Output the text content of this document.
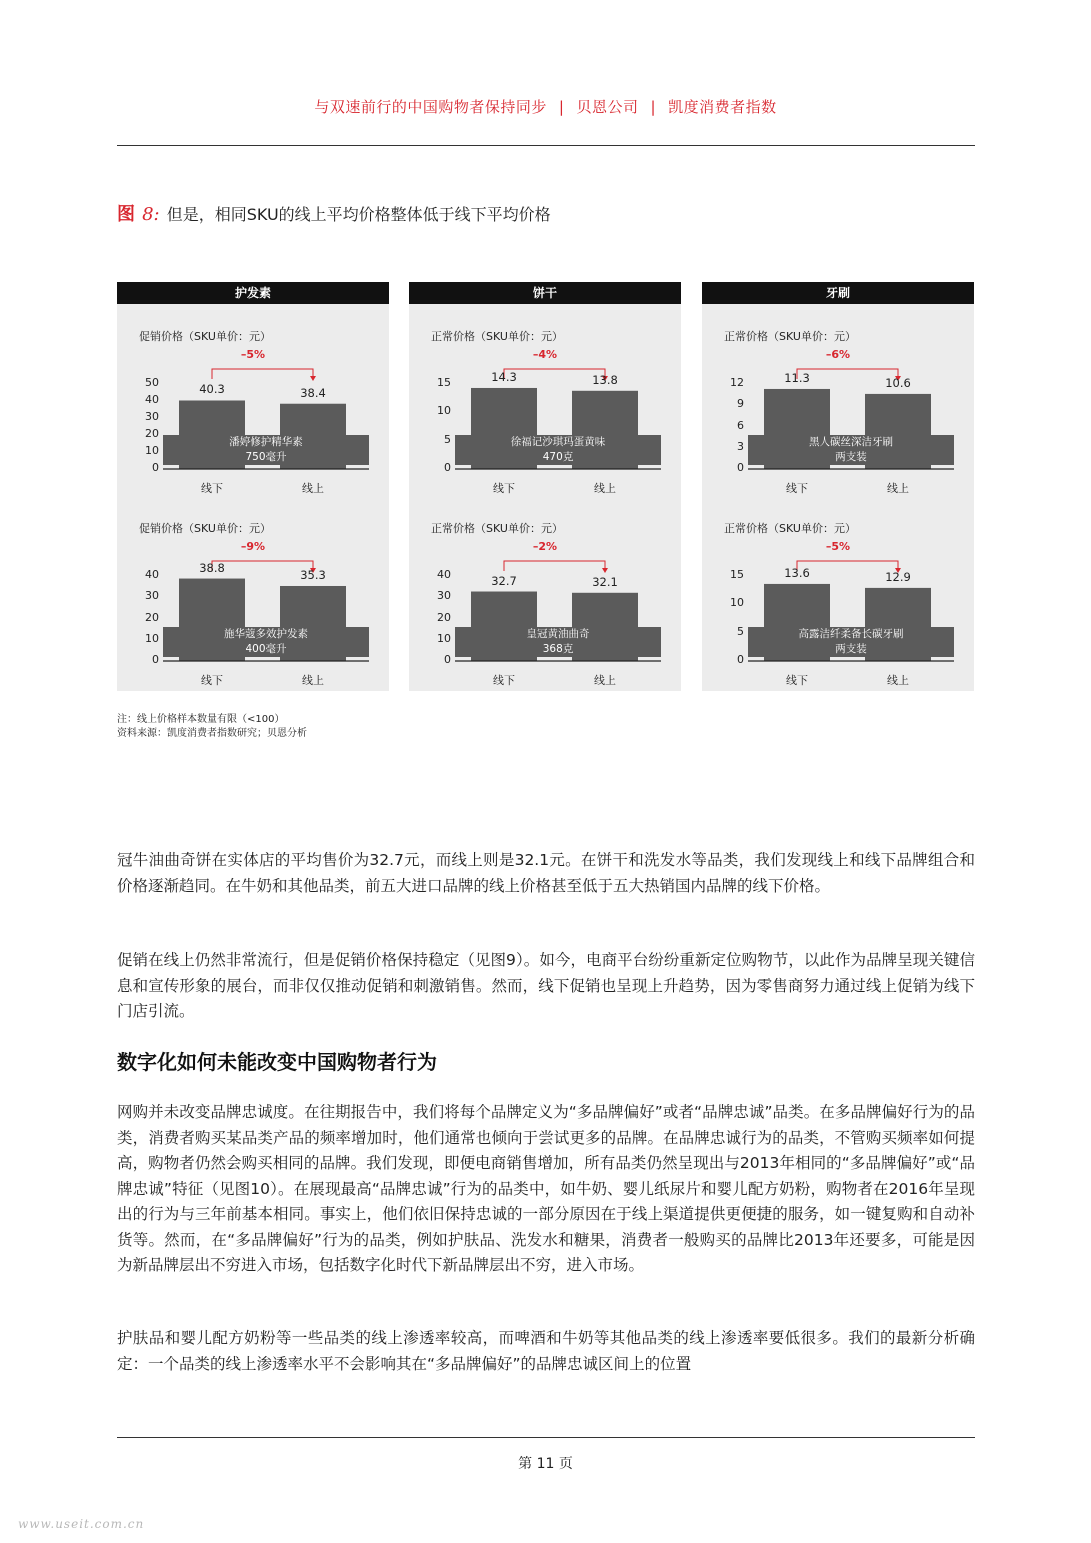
与双速前行的中国购物者保持同步 | 贝恩公司 | 凯度消费者指数
图 8: 但是，相同SKU的线上平均价格整体低于线下平均价格
护发素
促销价格（SKU单价：元）
–5%
0
10
20
30
40
50	40.3	38.4
潘婷修护精华素
750毫升
线下	线上
促销价格（SKU单价：元）
–9%
0
10
20
30
40	38.8
35.3
施华蔻多效护发素
400毫升
线下	线上
饼干
正常价格（SKU单价：元）
–4%
0
5
10
15	14.3	13.8
徐福记沙琪玛蛋黄味
470克
线下	线上
正常价格（SKU单价：元）
–2%
0
10
20
30
40	32.7	32.1
皇冠黄油曲奇
368克
线下	线上
牙刷
正常价格（SKU单价：元）
–6%
0
3
6
9
12	11.3	10.6
黑人碳丝深洁牙刷
两支装
线下	线上
正常价格（SKU单价：元）
–5%
0
5
10
15	13.6	12.9
高露洁纤柔备长碳牙刷
两支装
线下	线上
注：线上价格样本数量有限（<100）
资料来源：凯度消费者指数研究；贝恩分析
冠牛油曲奇饼在实体店的平均售价为32.7元，而线上则是32.1元。在饼干和洗发水等品类，我们发现线上和线下品牌组合和价格逐渐趋同。在牛奶和其他品类，前五大进口品牌的线上价格甚至低于五大热销国内品牌的线下价格。
促销在线上仍然非常流行，但是促销价格保持稳定（见图9）。如今，电商平台纷纷重新定位购物节，以此作为品牌呈现关键信息和宣传形象的展台，而非仅仅推动促销和刺激销售。然而，线下促销也呈现上升趋势，因为零售商努力通过线上促销为线下门店引流。
数字化如何未能改变中国购物者行为
网购并未改变品牌忠诚度。在往期报告中，我们将每个品牌定义为“多品牌偏好”或者“品牌忠诚”品类。在多品牌偏好行为的品类，消费者购买某品类产品的频率增加时，他们通常也倾向于尝试更多的品牌。在品牌忠诚行为的品类，不管购买频率如何提高，购物者仍然会购买相同的品牌。我们发现，即便电商销售增加，所有品类仍然呈现出与2013年相同的“多品牌偏好”或“品牌忠诚”特征（见图10）。在展现最高“品牌忠诚”行为的品类中，如牛奶、婴儿纸尿片和婴儿配方奶粉，购物者在2016年呈现出的行为与三年前基本相同。事实上，他们依旧保持忠诚的一部分原因在于线上渠道提供更便捷的服务，如一键复购和自动补货等。然而，在“多品牌偏好”行为的品类，例如护肤品、洗发水和糖果，消费者一般购买的品牌比2013年还要多，可能是因为新品牌层出不穷进入市场，包括数字化时代下新品牌层出不穷，进入市场。
护肤品和婴儿配方奶粉等一些品类的线上渗透率较高，而啤酒和牛奶等其他品类的线上渗透率要低很多。我们的最新分析确定：一个品类的线上渗透率水平不会影响其在“多品牌偏好”的品牌忠诚区间上的位置
第 11 页
www.useit.com.cn
